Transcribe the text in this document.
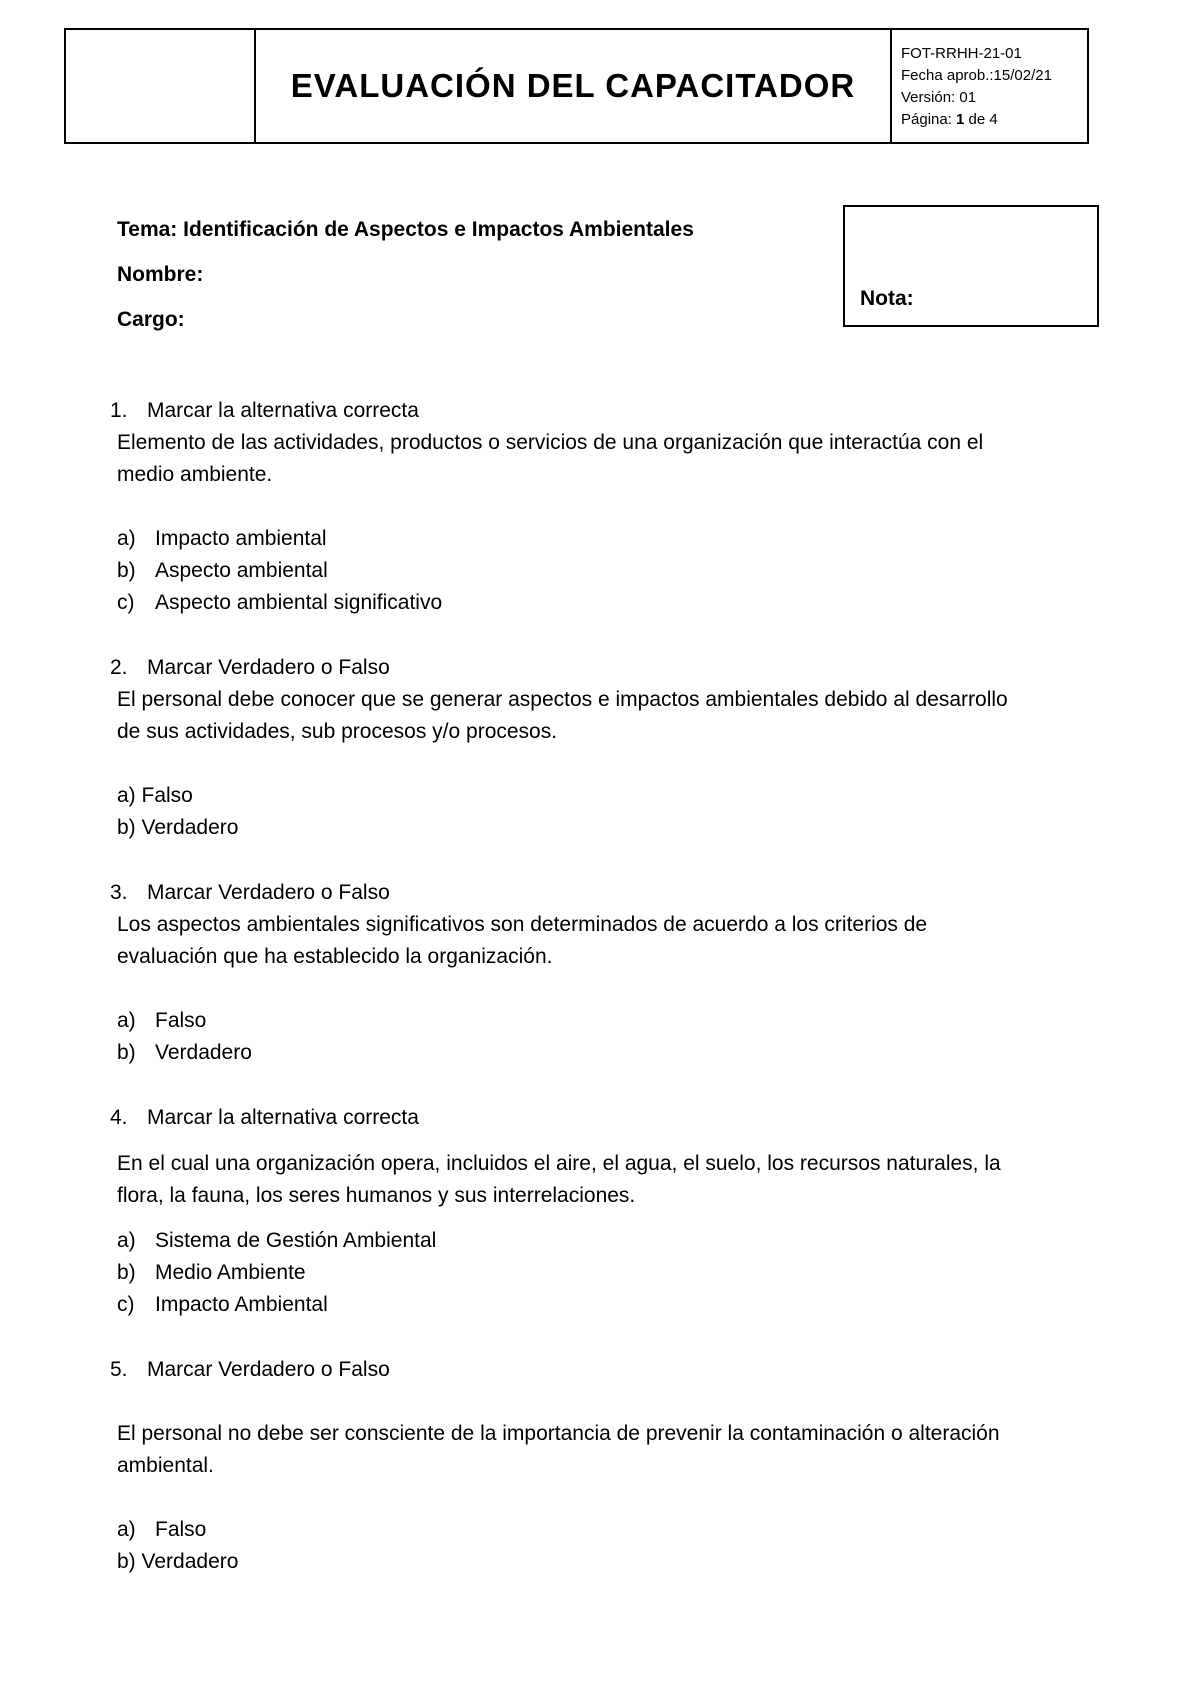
EVALUACIÓN DEL CAPACITADOR
FOT-RRHH-21-01
Fecha aprob.:15/02/21
Versión: 01
Página: 1 de 4
Tema: Identificación de Aspectos e Impactos Ambientales
Nombre:
Cargo:
Nota:
1. Marcar la alternativa correcta
Elemento de las actividades, productos o servicios de una organización que interactúa con el
medio ambiente.
a) Impacto ambiental
b) Aspecto ambiental
c) Aspecto ambiental significativo
2. Marcar Verdadero o Falso
El personal debe conocer que se generar aspectos e impactos ambientales debido al desarrollo
de sus actividades, sub procesos y/o procesos.
a) Falso
b) Verdadero
3. Marcar Verdadero o Falso
Los aspectos ambientales significativos son determinados de acuerdo a los criterios de
evaluación que ha establecido la organización.
a) Falso
b) Verdadero
4. Marcar la alternativa correcta
En el cual una organización opera, incluidos el aire, el agua, el suelo, los recursos naturales, la
flora, la fauna, los seres humanos y sus interrelaciones.
a) Sistema de Gestión Ambiental
b) Medio Ambiente
c) Impacto Ambiental
5. Marcar Verdadero o Falso
El personal no debe ser consciente de la importancia de prevenir la contaminación o alteración
ambiental.
a) Falso
b) Verdadero
